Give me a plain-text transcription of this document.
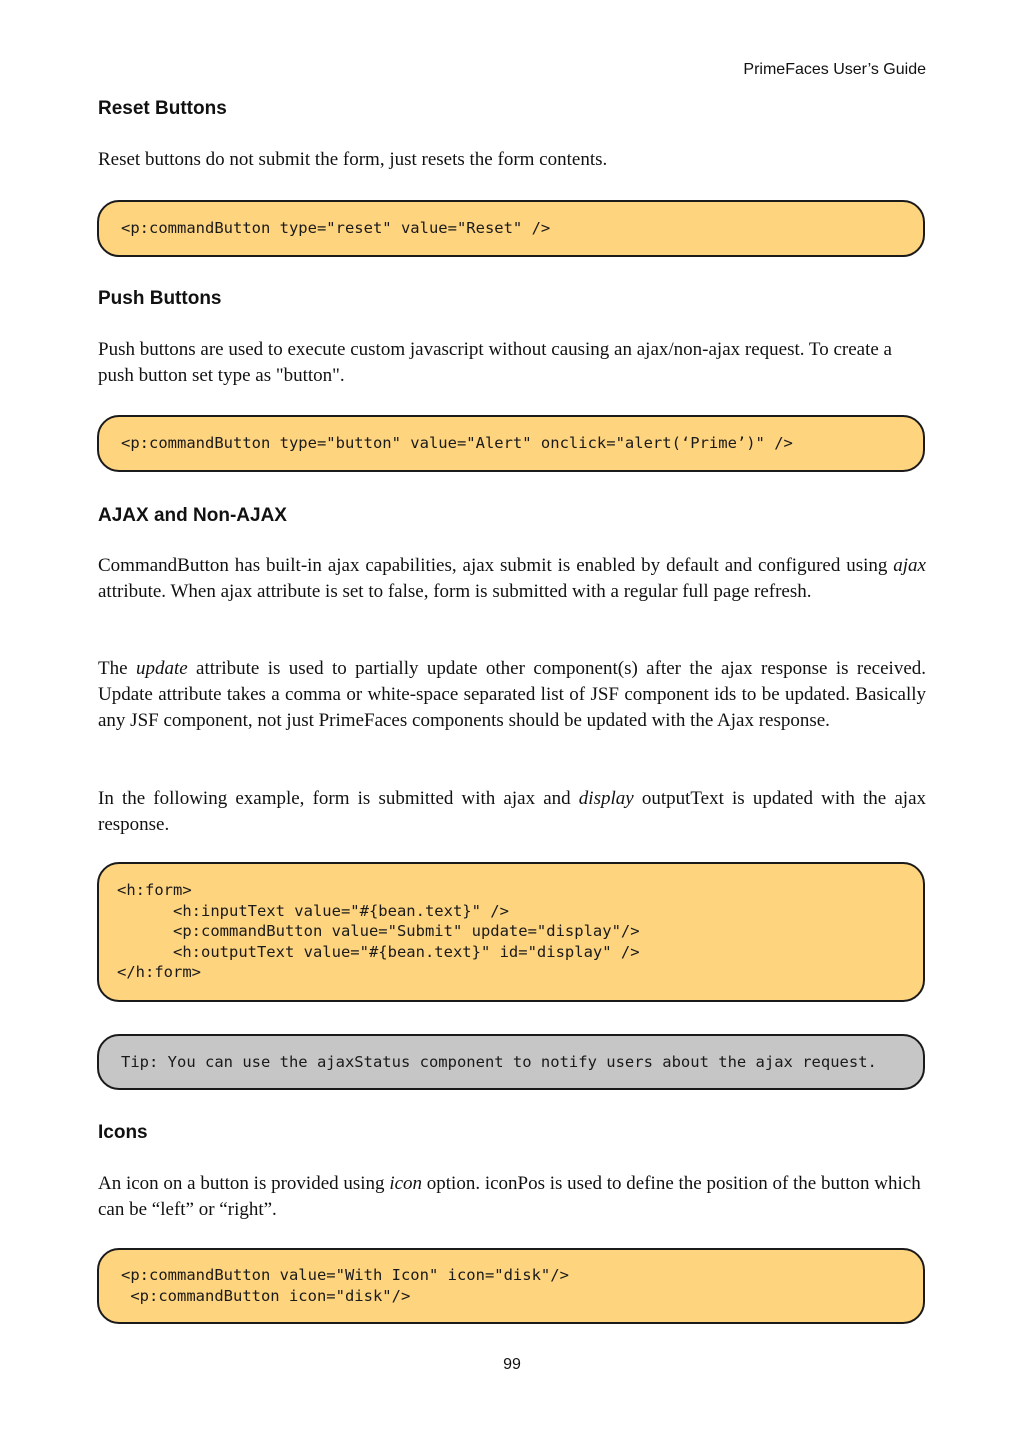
PrimeFaces User’s Guide
Reset Buttons

Reset buttons do not submit the form, just resets the form contents.

<p:commandButton type="reset" value="Reset" />
Push Buttons

Push buttons are used to execute custom javascript without causing an ajax/non-ajax request. To create a push button set type as "button".

<p:commandButton type="button" value="Alert" onclick="alert(‘Prime’)" />
AJAX and Non-AJAX

CommandButton has built-in ajax capabilities, ajax submit is enabled by default and configured using ajax attribute. When ajax attribute is set to false, form is submitted with a regular full page refresh.

The update attribute is used to partially update other component(s) after the ajax response is received. Update attribute takes a comma or white-space separated list of JSF component ids to be updated. Basically any JSF component, not just PrimeFaces components should be updated with the Ajax response.

In the following example, form is submitted with ajax and display outputText is updated with the ajax response.

<h:form>
<h:inputText value="#{bean.text}" />
<p:commandButton value="Submit" update="display"/>
<h:outputText value="#{bean.text}" id="display" />
</h:form>
Tip: You can use the ajaxStatus component to notify users about the ajax request.
Icons

An icon on a button is provided using icon option. iconPos is used to define the position of the button which can be “left” or “right”.

<p:commandButton value="With Icon" icon="disk"/>
<p:commandButton icon="disk"/>
99
